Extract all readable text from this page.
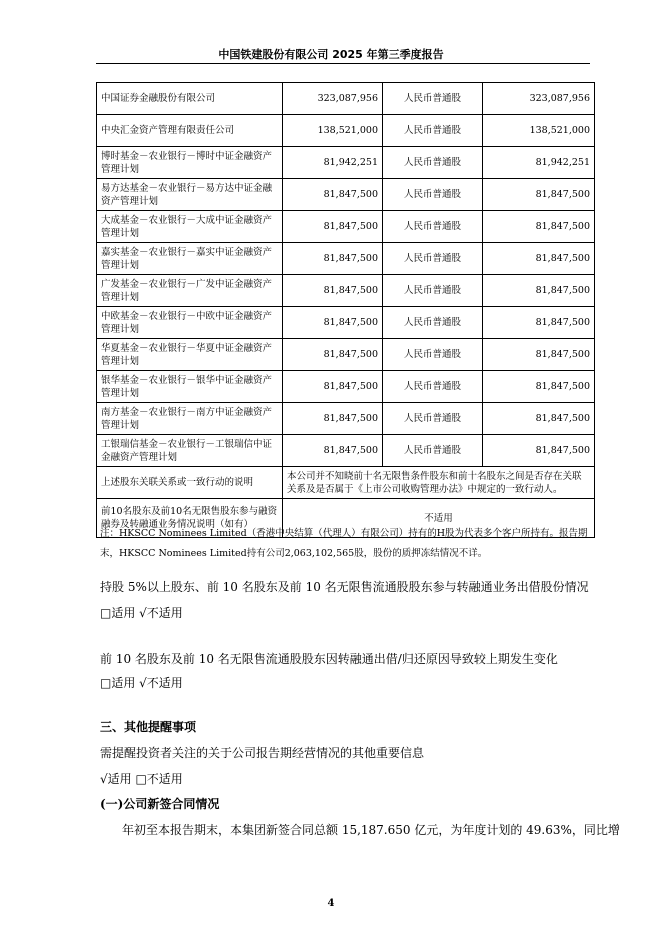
中国铁建股份有限公司 2025 年第三季度报告
中国证券金融股份有限公司	323,087,956	人民币普通股	323,087,956
中央汇金资产管理有限责任公司	138,521,000	人民币普通股	138,521,000
博时基金－农业银行－博时中证金融资产管理计划	81,942,251	人民币普通股	81,942,251
易方达基金－农业银行－易方达中证金融资产管理计划	81,847,500	人民币普通股	81,847,500
大成基金－农业银行－大成中证金融资产管理计划	81,847,500	人民币普通股	81,847,500
嘉实基金－农业银行－嘉实中证金融资产管理计划	81,847,500	人民币普通股	81,847,500
广发基金－农业银行－广发中证金融资产管理计划	81,847,500	人民币普通股	81,847,500
中欧基金－农业银行－中欧中证金融资产管理计划	81,847,500	人民币普通股	81,847,500
华夏基金－农业银行－华夏中证金融资产管理计划	81,847,500	人民币普通股	81,847,500
银华基金－农业银行－银华中证金融资产管理计划	81,847,500	人民币普通股	81,847,500
南方基金－农业银行－南方中证金融资产管理计划	81,847,500	人民币普通股	81,847,500
工银瑞信基金－农业银行－工银瑞信中证金融资产管理计划	81,847,500	人民币普通股	81,847,500
上述股东关联关系或一致行动的说明	本公司并不知晓前十名无限售条件股东和前十名股东之间是否存在关联关系及是否属于《上市公司收购管理办法》中规定的一致行动人。		
前10名股东及前10名无限售股东参与融资融券及转融通业务情况说明（如有）	不适用		
注：HKSCC Nominees Limited（香港中央结算（代理人）有限公司）持有的H股为代表多个客户所持有。报告期末，HKSCC Nominees Limited持有公司2,063,102,565股，股份的质押冻结情况不详。
持股 5%以上股东、前 10 名股东及前 10 名无限售流通股股东参与转融通业务出借股份情况
□适用 √不适用
前 10 名股东及前 10 名无限售流通股股东因转融通出借/归还原因导致较上期发生变化
□适用 √不适用
三、其他提醒事项
需提醒投资者关注的关于公司报告期经营情况的其他重要信息
√适用 □不适用
(一)公司新签合同情况
年初至本报告期末，本集团新签合同总额 15,187.650 亿元，为年度计划的 49.63%，同比增
4
